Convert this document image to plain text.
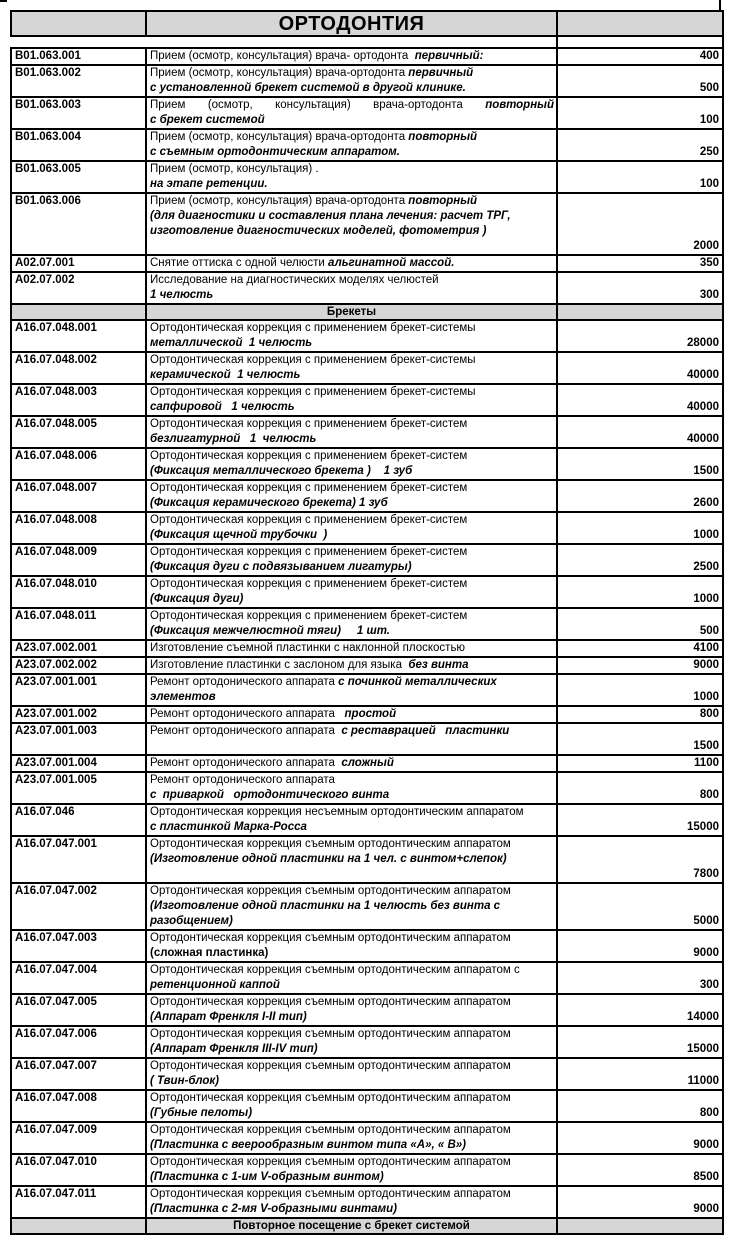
	ОРТОДОНТИЯ	

B01.063.001	Прием (осмотр, консультация) врача- ортодонта  первичный:	400
B01.063.002	Прием (осмотр, консультация) врача-ортодонта первичный
с установленной брекет системой в другой клинике.	500
B01.063.003	Прием (осмотр, консультация) врача-ортодонта повторный
с брекет системой	100
B01.063.004	Прием (осмотр, консультация) врача-ортодонта повторный
с съемным ортодонтическим аппаратом.	250
B01.063.005	Прием (осмотр, консультация) .
на этапе ретенции.	100
B01.063.006	Прием (осмотр, консультация) врача-ортодонта повторный
(для диагностики и составления плана лечения: расчет ТРГ,
изготовление диагностических моделей, фотометрия )	2000
A02.07.001	Снятие оттиска с одной челюсти альгинатной массой.	350
A02.07.002	Исследование на диагностических моделях челюстей
1 челюсть	300
	Брекеты	
A16.07.048.001	Ортодонтическая коррекция с применением брекет-системы
металлической  1 челюсть	28000
A16.07.048.002	Ортодонтическая коррекция с применением брекет-системы
керамической  1 челюсть	40000
A16.07.048.003	Ортодонтическая коррекция с применением брекет-системы
сапфировой   1 челюсть	40000
A16.07.048.005	Ортодонтическая коррекция с применением брекет-систем
безлигатурной   1  челюсть	40000
A16.07.048.006	Ортодонтическая коррекция с применением брекет-систем
(Фиксация металлического брекета )    1 зуб	1500
A16.07.048.007	Ортодонтическая коррекция с применением брекет-систем
(Фиксация керамического брекета) 1 зуб	2600
A16.07.048.008	Ортодонтическая коррекция с применением брекет-систем
(Фиксация щечной трубочки  )	1000
A16.07.048.009	Ортодонтическая коррекция с применением брекет-систем
(Фиксация дуги с подвязыванием лигатуры)	2500
A16.07.048.010	Ортодонтическая коррекция с применением брекет-систем
(Фиксация дуги)	1000
A16.07.048.011	Ортодонтическая коррекция с применением брекет-систем
(Фиксация межчелюстной тяги)     1 шт.	500
A23.07.002.001	Изготовление съемной пластинки с наклонной плоскостью	4100
A23.07.002.002	Изготовление пластинки с заслоном для языка  без винта	9000
A23.07.001.001	Ремонт ортодонического аппарата с починкой металлических
элементов	1000
A23.07.001.002	Ремонт ортодонического аппарата   простой	800
A23.07.001.003	Ремонт ортодонического аппарата  с реставрацией   пластинки	1500
A23.07.001.004	Ремонт ортодонического аппарата  сложный	1100
A23.07.001.005	Ремонт ортодонического аппарата
с  приваркой   ортодонтического винта	800
A16.07.046	Ортодонтическая коррекция несъемным ортодонтическим аппаратом
с пластинкой Марка-Росса	15000
A16.07.047.001	Ортодонтическая коррекция съемным ортодонтическим аппаратом
(Изготовление одной пластинки на 1 чел. с винтом+слепок)	7800
A16.07.047.002	Ортодонтическая коррекция съемным ортодонтическим аппаратом
(Изготовление одной пластинки на 1 челюсть без винта с
разобщением)	5000
A16.07.047.003	Ортодонтическая коррекция съемным ортодонтическим аппаратом
(сложная пластинка)	9000
A16.07.047.004	Ортодонтическая коррекция съемным ортодонтическим аппаратом с
ретенционной каппой	300
A16.07.047.005	Ортодонтическая коррекция съемным ортодонтическим аппаратом
(Аппарат Френкля I-II тип)	14000
A16.07.047.006	Ортодонтическая коррекция съемным ортодонтическим аппаратом
(Аппарат Френкля III-IV тип)	15000
A16.07.047.007	Ортодонтическая коррекция съемным ортодонтическим аппаратом
( Твин-блок)	11000
A16.07.047.008	Ортодонтическая коррекция съемным ортодонтическим аппаратом
(Губные пелоты)	800
A16.07.047.009	Ортодонтическая коррекция съемным ортодонтическим аппаратом
(Пластинка с веерообразным винтом типа «А», « В»)	9000
A16.07.047.010	Ортодонтическая коррекция съемным ортодонтическим аппаратом
(Пластинка с 1-им V-образным винтом)	8500
A16.07.047.011	Ортодонтическая коррекция съемным ортодонтическим аппаратом
(Пластинка с 2-мя V-образными винтами)	9000
	Повторное посещение с брекет системой	
